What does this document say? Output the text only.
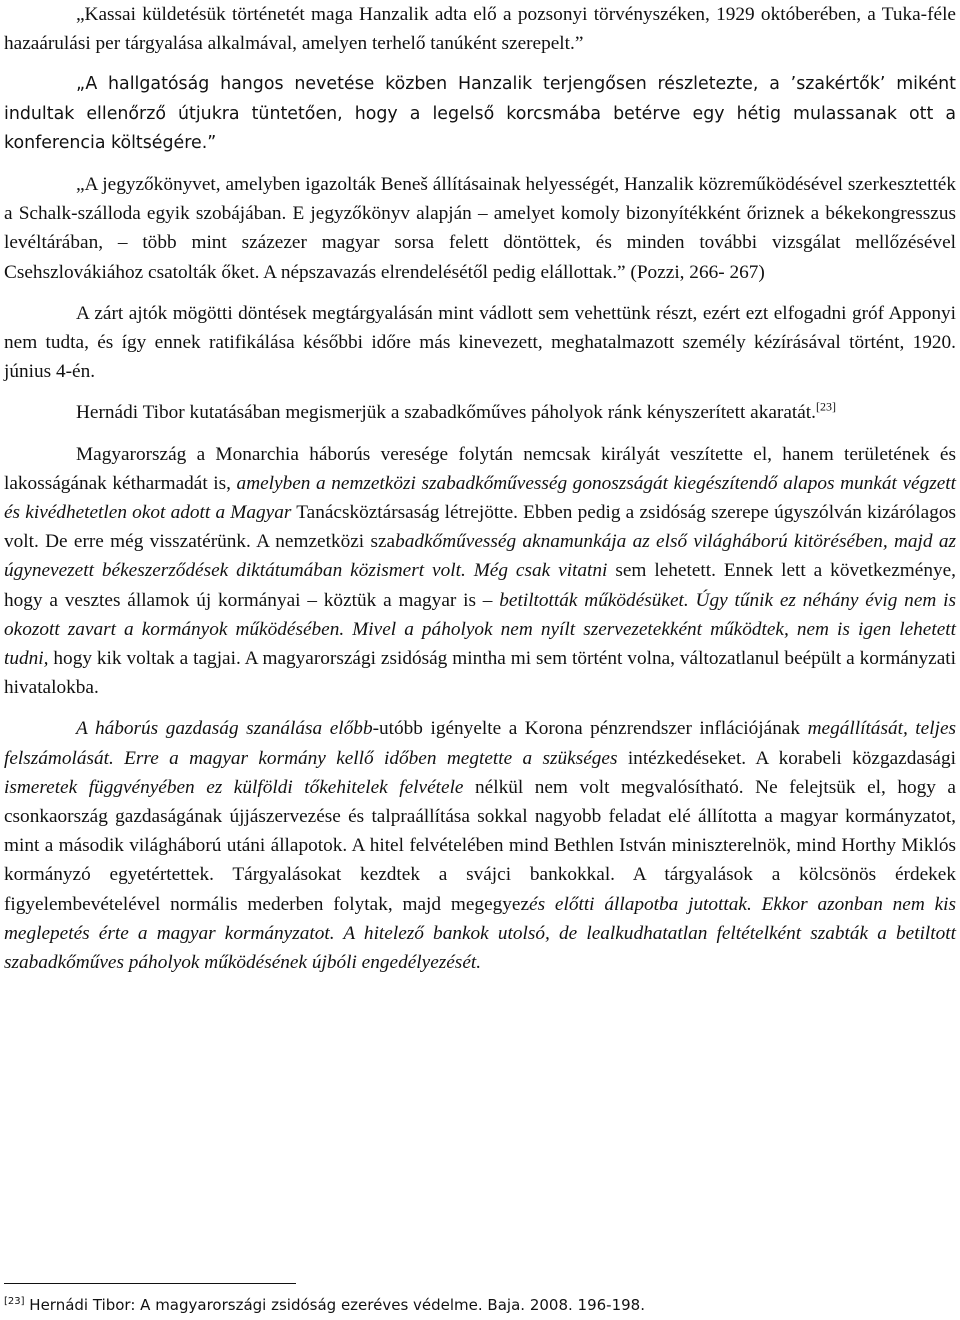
„Kassai küldetésük történetét maga Hanzalik adta elő a pozsonyi törvényszéken, 1929 októberében, a Tuka-féle hazaárulási per tárgyalása alkalmával, amelyen terhelő tanúként szerepelt.”

„A hallgatóság hangos nevetése közben Hanzalik terjengősen részletezte, a ’szakértők’ miként indultak ellenőrző útjukra tüntetően, hogy a legelső korcsmába betérve egy hétig mulassanak ott a konferencia költségére.”

„A jegyzőkönyvet, amelyben igazolták Beneš állításainak helyességét, Hanzalik közreműködésével szerkesztették a Schalk-szálloda egyik szobájában. E jegyzőkönyv alapján – amelyet komoly bizonyítékként őriznek a békekongresszus levéltárában, – több mint százezer magyar sorsa felett döntöttek, és minden további vizsgálat mellőzésével Csehszlovákiához csatolták őket. A népszavazás elrendelésétől pedig elállottak.” (Pozzi, 266- 267)

A zárt ajtók mögötti döntések megtárgyalásán mint vádlott sem vehettünk részt, ezért ezt elfogadni gróf Apponyi nem tudta, és így ennek ratifikálása későbbi időre más kinevezett, meghatalmazott személy kézírásával történt, 1920. június 4-én.

Hernádi Tibor kutatásában megismerjük a szabadkőműves páholyok ránk kényszerített akaratát.[23]

Magyarország a Monarchia háborús veresége folytán nemcsak királyát veszítette el, hanem területének és lakosságának kétharmadát is, amelyben a nemzetközi szabadkőművesség gonoszságát kiegészítendő alapos munkát végzett és kivédhetetlen okot adott a Magyar Tanácsköztársaság létrejötte. Ebben pedig a zsidóság szerepe úgyszólván kizárólagos volt. De erre még visszatérünk. A nemzetközi szabadkőművesség aknamunkája az első világháború kitörésében, majd az úgynevezett békeszerződések diktátumában közismert volt. Még csak vitatni sem lehetett. Ennek lett a következménye, hogy a vesztes államok új kormányai – köztük a magyar is – betiltották működésüket. Úgy tűnik ez néhány évig nem is okozott zavart a kormányok működésében. Mivel a páholyok nem nyílt szervezetekként működtek, nem is igen lehetett tudni, hogy kik voltak a tagjai. A magyarországi zsidóság mintha mi sem történt volna, változatlanul beépült a kormányzati hivatalokba.

A háborús gazdaság szanálása előbb-utóbb igényelte a Korona pénzrendszer inflációjának megállítását, teljes felszámolását. Erre a magyar kormány kellő időben megtette a szükséges intézkedéseket. A korabeli közgazdasági ismeretek függvényében ez külföldi tőkehitelek felvétele nélkül nem volt megvalósítható. Ne felejtsük el, hogy a csonkaország gazdaságának újjászervezése és talpraállítása sokkal nagyobb feladat elé állította a magyar kormányzatot, mint a második világháború utáni állapotok. A hitel felvételében mind Bethlen István miniszterelnök, mind Horthy Miklós kormányzó egyetértettek. Tárgyalásokat kezdtek a svájci bankokkal. A tárgyalások a kölcsönös érdekek figyelembevételével normális mederben folytak, majd megegyezés előtti állapotba jutottak. Ekkor azonban nem kis meglepetés érte a magyar kormányzatot. A hitelező bankok utolsó, de lealkudhatatlan feltételként szabták a betiltott szabadkőműves páholyok működésének újbóli engedélyezését.

[23] Hernádi Tibor: A magyarországi zsidóság ezeréves védelme. Baja. 2008. 196-198.
